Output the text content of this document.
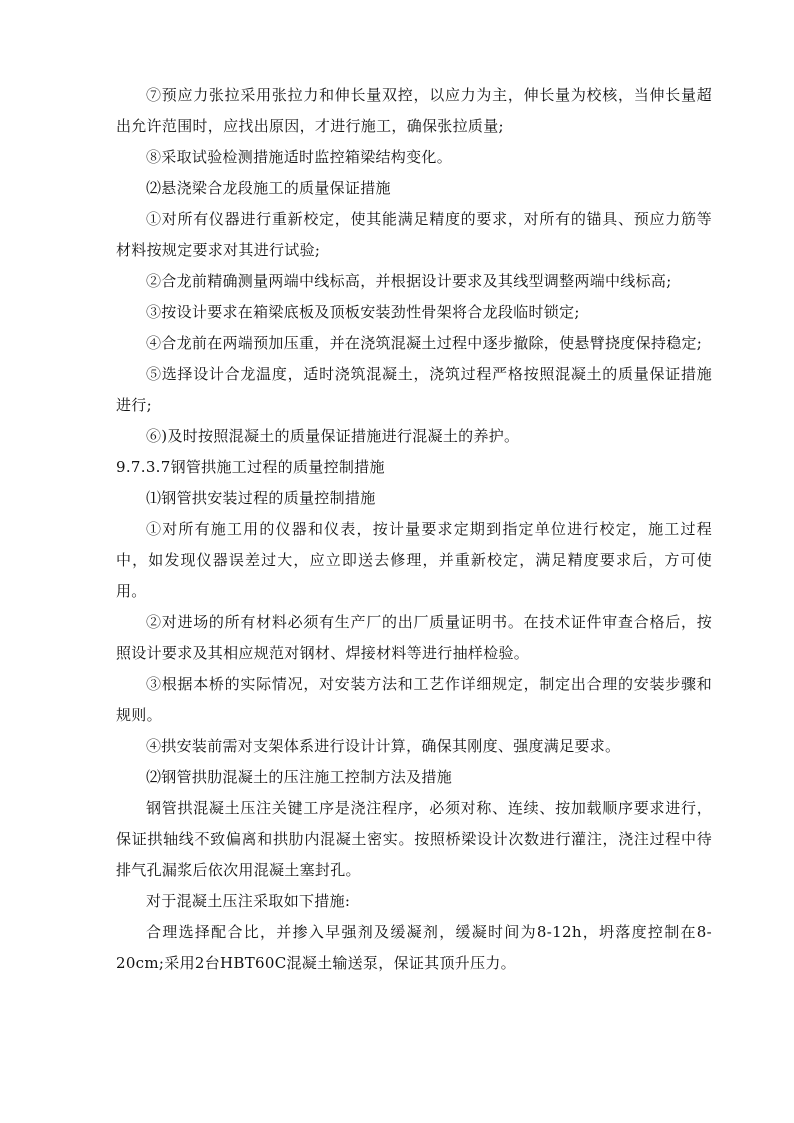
⑦预应力张拉采用张拉力和伸长量双控，以应力为主，伸长量为校核，当伸长量超出允许范围时，应找出原因，才进行施工，确保张拉质量;

⑧采取试验检测措施适时监控箱梁结构变化。

⑵悬浇梁合龙段施工的质量保证措施

①对所有仪器进行重新校定，使其能满足精度的要求，对所有的锚具、预应力筋等材料按规定要求对其进行试验;

②合龙前精确测量两端中线标高，并根据设计要求及其线型调整两端中线标高;

③按设计要求在箱梁底板及顶板安装劲性骨架将合龙段临时锁定;

④合龙前在两端预加压重，并在浇筑混凝土过程中逐步撤除，使悬臂挠度保持稳定;

⑤选择设计合龙温度，适时浇筑混凝土，浇筑过程严格按照混凝土的质量保证措施进行;

⑥)及时按照混凝土的质量保证措施进行混凝土的养护。

9.7.3.7钢管拱施工过程的质量控制措施

⑴钢管拱安装过程的质量控制措施

①对所有施工用的仪器和仪表，按计量要求定期到指定单位进行校定，施工过程中，如发现仪器误差过大，应立即送去修理，并重新校定，满足精度要求后，方可使用。

②对进场的所有材料必须有生产厂的出厂质量证明书。在技术证件审查合格后，按照设计要求及其相应规范对钢材、焊接材料等进行抽样检验。

③根据本桥的实际情况，对安装方法和工艺作详细规定，制定出合理的安装步骤和规则。

④拱安装前需对支架体系进行设计计算，确保其刚度、强度满足要求。

⑵钢管拱肋混凝土的压注施工控制方法及措施

钢管拱混凝土压注关键工序是浇注程序，必须对称、连续、按加载顺序要求进行，保证拱轴线不致偏离和拱肋内混凝土密实。按照桥梁设计次数进行灌注，浇注过程中待排气孔漏浆后依次用混凝土塞封孔。

对于混凝土压注采取如下措施:

合理选择配合比，并掺入早强剂及缓凝剂，缓凝时间为8-12h，坍落度控制在8-20cm;采用2台HBT60C混凝土输送泵，保证其顶升压力。
